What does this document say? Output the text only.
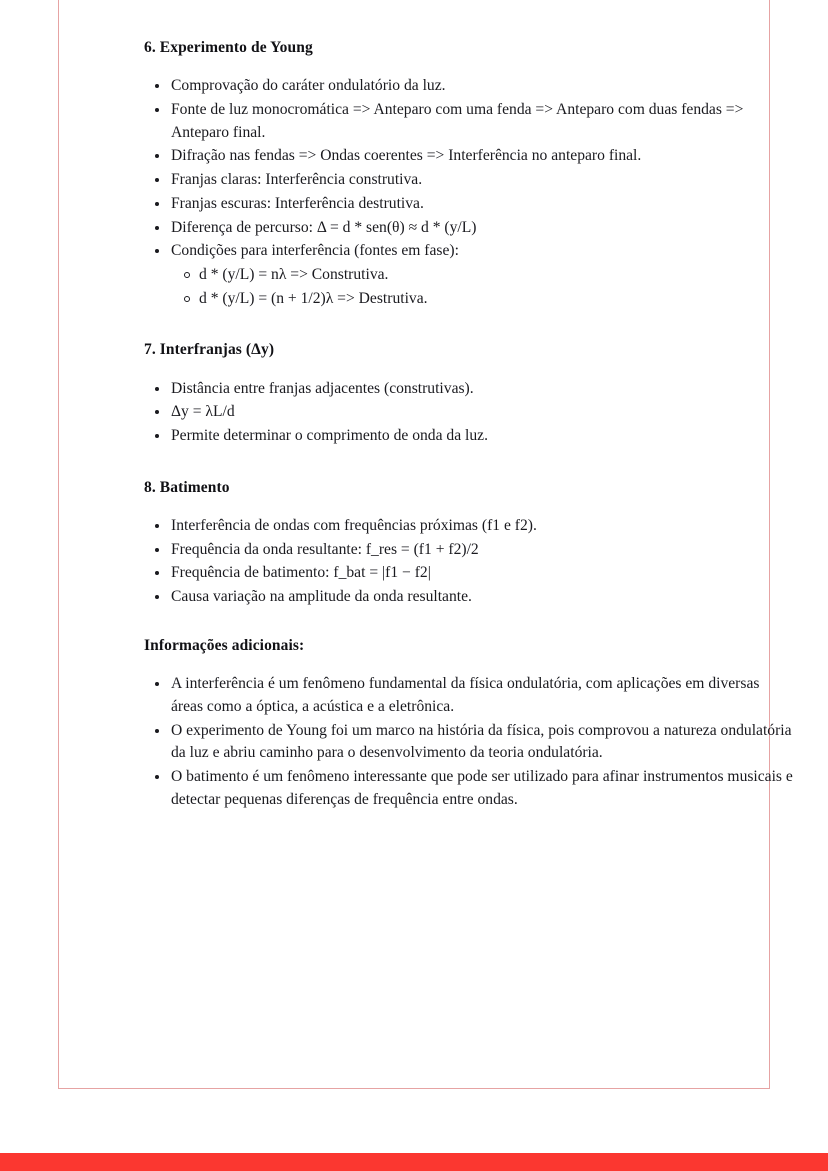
6. Experimento de Young
Comprovação do caráter ondulatório da luz.
Fonte de luz monocromática => Anteparo com uma fenda => Anteparo com duas fendas => Anteparo final.
Difração nas fendas => Ondas coerentes => Interferência no anteparo final.
Franjas claras: Interferência construtiva.
Franjas escuras: Interferência destrutiva.
Diferença de percurso: Δ = d * sen(θ) ≈ d * (y/L)
Condições para interferência (fontes em fase):
d * (y/L) = nλ => Construtiva.
d * (y/L) = (n + 1/2)λ => Destrutiva.
7. Interfranjas (Δy)
Distância entre franjas adjacentes (construtivas).
Δy = λL/d
Permite determinar o comprimento de onda da luz.
8. Batimento
Interferência de ondas com frequências próximas (f1 e f2).
Frequência da onda resultante: f_res = (f1 + f2)/2
Frequência de batimento: f_bat = |f1 − f2|
Causa variação na amplitude da onda resultante.
Informações adicionais:
A interferência é um fenômeno fundamental da física ondulatória, com aplicações em diversas áreas como a óptica, a acústica e a eletrônica.
O experimento de Young foi um marco na história da física, pois comprovou a natureza ondulatória da luz e abriu caminho para o desenvolvimento da teoria ondulatória.
O batimento é um fenômeno interessante que pode ser utilizado para afinar instrumentos musicais e detectar pequenas diferenças de frequência entre ondas.
